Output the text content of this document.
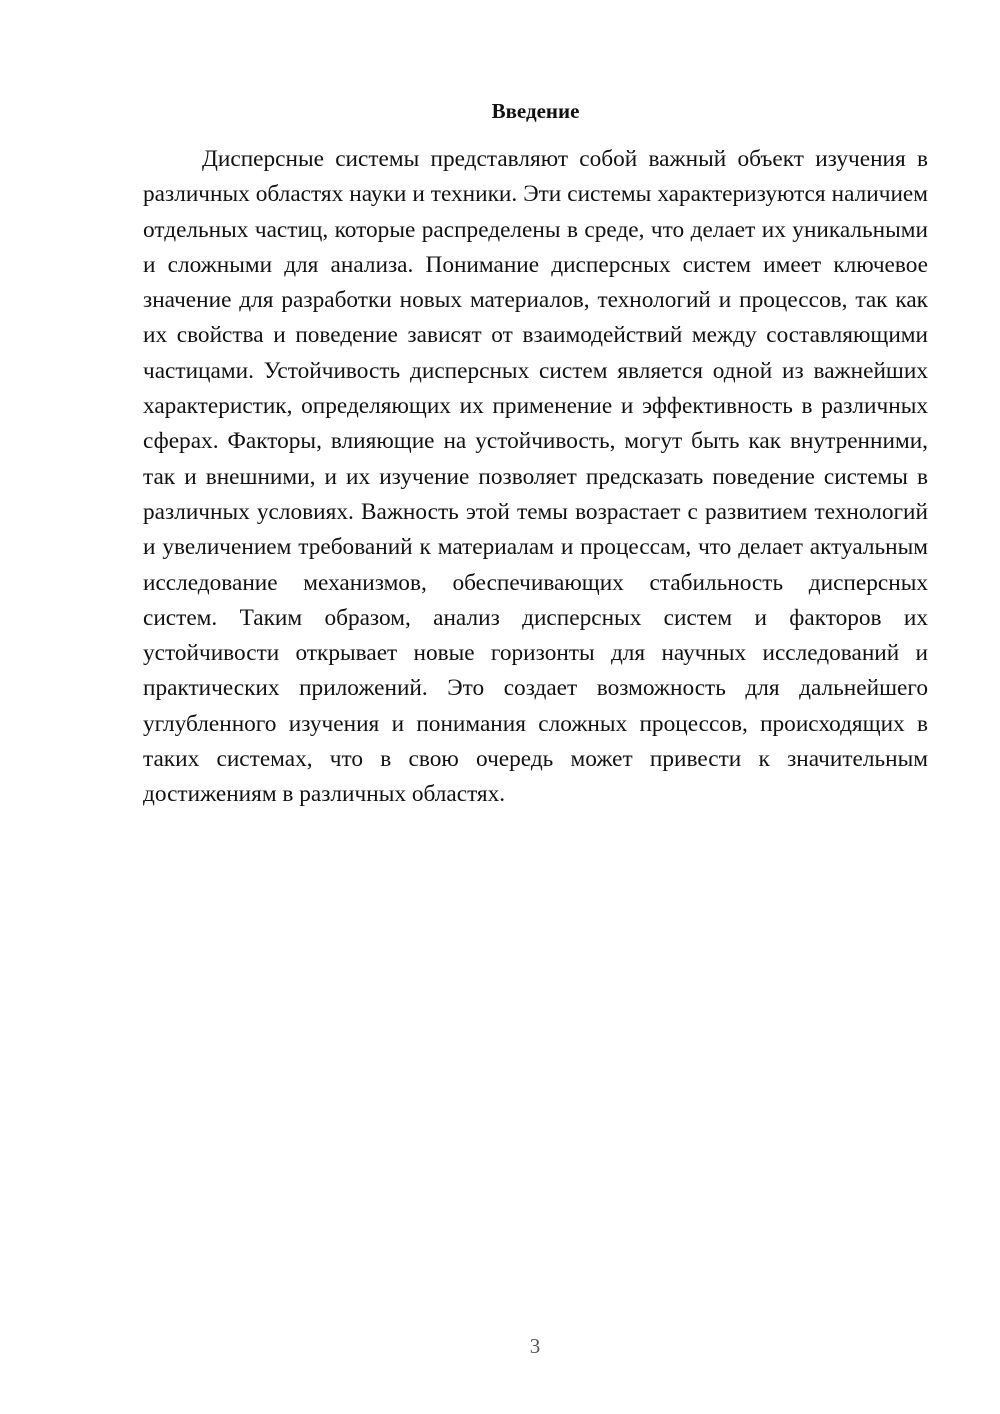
Введение

Дисперсные системы представляют собой важный объект изучения в различных областях науки и техники. Эти системы характеризуются наличием отдельных частиц, которые распределены в среде, что делает их уникальными и сложными для анализа. Понимание дисперсных систем имеет ключевое значение для разработки новых материалов, технологий и процессов, так как их свойства и поведение зависят от взаимодействий между составляющими частицами. Устойчивость дисперсных систем является одной из важнейших характеристик, определяющих их применение и эффективность в различных сферах. Факторы, влияющие на устойчивость, могут быть как внутренними, так и внешними, и их изучение позволяет предсказать поведение системы в различных условиях. Важность этой темы возрастает с развитием технологий и увеличением требований к материалам и процессам, что делает актуальным исследование механизмов, обеспечивающих стабильность дисперсных систем. Таким образом, анализ дисперсных систем и факторов их устойчивости открывает новые горизонты для научных исследований и практических приложений. Это создает возможность для дальнейшего углубленного изучения и понимания сложных процессов, происходящих в таких системах, что в свою очередь может привести к значительным достижениям в различных областях.

3
